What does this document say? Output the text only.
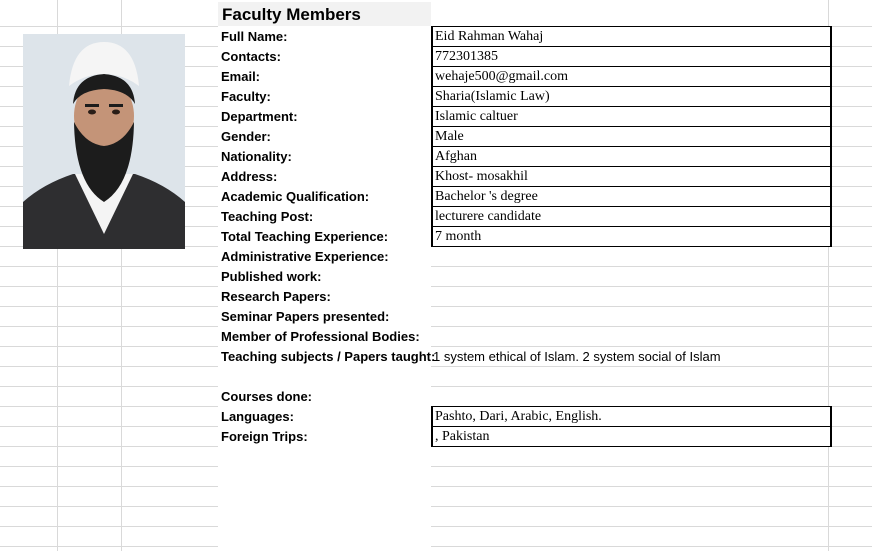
Faculty Members
Full Name:
Contacts:
Email:
Faculty:
Department:
Gender:
Nationality:
Address:
Academic Qualification:
Teaching Post:
Total Teaching Experience:
Administrative Experience:
Published work:
Research Papers:
Seminar Papers presented:
Member of Professional Bodies:
Teaching subjects / Papers taught:
Courses done:
Languages:
Foreign Trips:
Eid Rahman Wahaj
772301385
wehaje500@gmail.com
Sharia(Islamic Law)
Islamic caltuer
Male
Afghan
Khost- mosakhil
Bachelor 's degree
lecturere candidate
7 month
1 system ethical of Islam. 2 system social of Islam
Pashto, Dari, Arabic, English.
, Pakistan
